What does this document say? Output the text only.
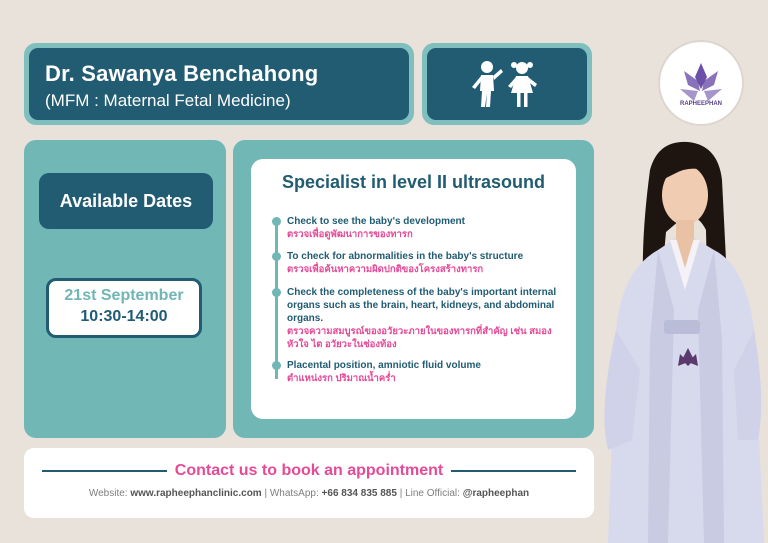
Dr. Sawanya Benchahong
(MFM : Maternal Fetal Medicine)	RAPHEEPHAN
Available Dates
21st September
10:30-14:00
Specialist in level II ultrasound
Check to see the baby's development
ตรวจเพื่อดูพัฒนาการของทารก
To check for abnormalities in the baby's structure
ตรวจเพื่อค้นหาความผิดปกติของโครงสร้างทารก
Check the completeness of the baby's important internal organs such as the brain, heart, kidneys, and abdominal organs.
ตรวจความสมบูรณ์ของอวัยวะภายในของทารกที่สำคัญ เช่น สมอง หัวใจ ไต อวัยวะในช่องท้อง
Placental position, amniotic fluid volume
ตำแหน่งรก ปริมาณน้ำคร่ำ
Contact us to book an appointment
Website: www.rapheephanclinic.com | WhatsApp: +66 834 835 885 | Line Official: @rapheephan
